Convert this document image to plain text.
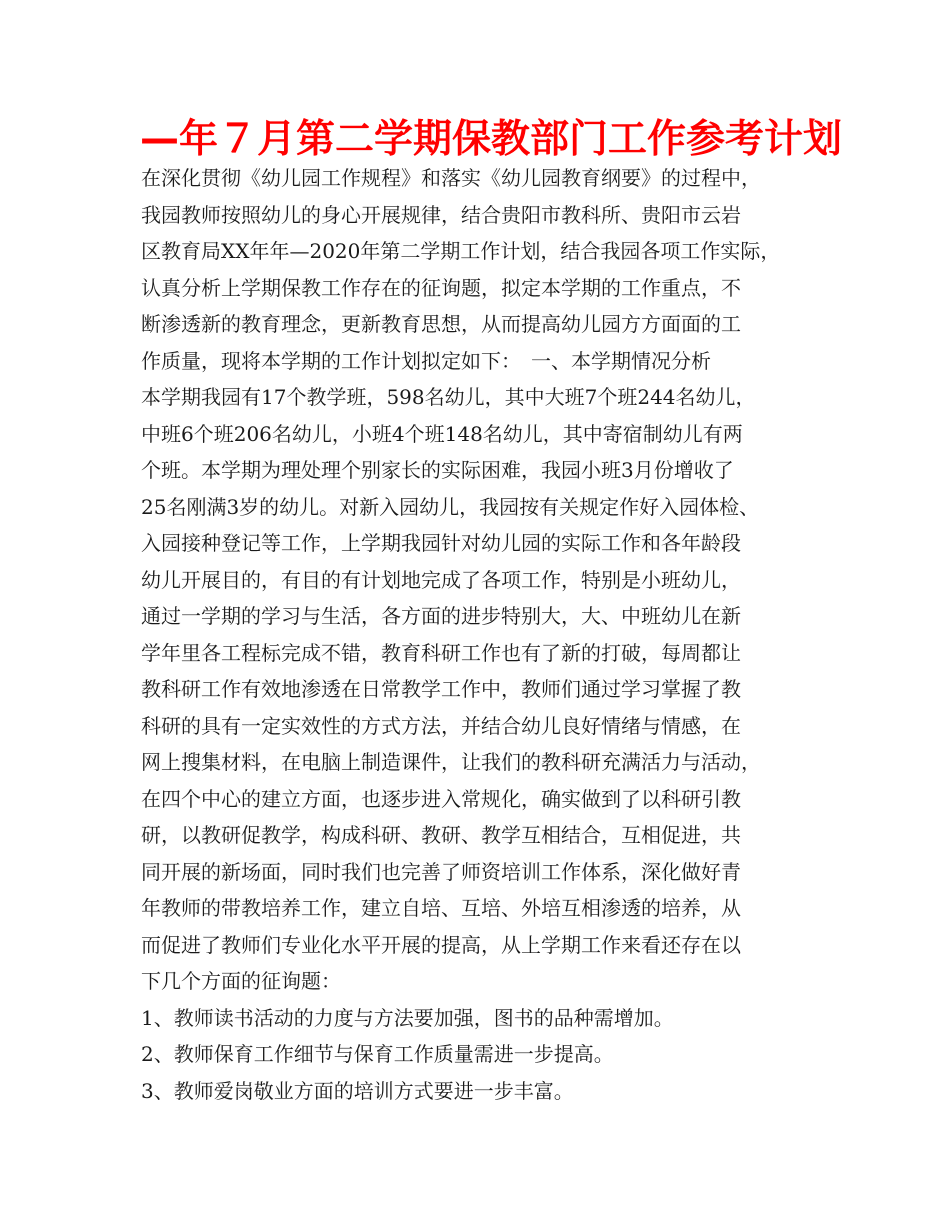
—年７月第二学期保教部门工作参考计划
在深化贯彻《幼儿园工作规程》和落实《幼儿园教育纲要》的过程中，
我园教师按照幼儿的身心开展规律，结合贵阳市教科所、贵阳市云岩
区教育局XX年年—2020年第二学期工作计划，结合我园各项工作实际，
认真分析上学期保教工作存在的征询题，拟定本学期的工作重点，不
断渗透新的教育理念，更新教育思想，从而提高幼儿园方方面面的工
作质量，现将本学期的工作计划拟定如下：　一、本学期情况分析
本学期我园有17个教学班，598名幼儿，其中大班7个班244名幼儿，
中班6个班206名幼儿，小班4个班148名幼儿，其中寄宿制幼儿有两
个班。本学期为理处理个别家长的实际困难，我园小班3月份增收了
25名刚满3岁的幼儿。对新入园幼儿，我园按有关规定作好入园体检、
入园接种登记等工作，上学期我园针对幼儿园的实际工作和各年龄段
幼儿开展目的，有目的有计划地完成了各项工作，特别是小班幼儿，
通过一学期的学习与生活，各方面的进步特别大，大、中班幼儿在新
学年里各工程标完成不错，教育科研工作也有了新的打破，每周都让
教科研工作有效地渗透在日常教学工作中，教师们通过学习掌握了教
科研的具有一定实效性的方式方法，并结合幼儿良好情绪与情感，在
网上搜集材料，在电脑上制造课件，让我们的教科研充满活力与活动，
在四个中心的建立方面，也逐步进入常规化，确实做到了以科研引教
研，以教研促教学，构成科研、教研、教学互相结合，互相促进，共
同开展的新场面，同时我们也完善了师资培训工作体系，深化做好青
年教师的带教培养工作，建立自培、互培、外培互相渗透的培养，从
而促进了教师们专业化水平开展的提高，从上学期工作来看还存在以
下几个方面的征询题：
1、教师读书活动的力度与方法要加强，图书的品种需增加。
2、教师保育工作细节与保育工作质量需进一步提高。
3、教师爱岗敬业方面的培训方式要进一步丰富。
